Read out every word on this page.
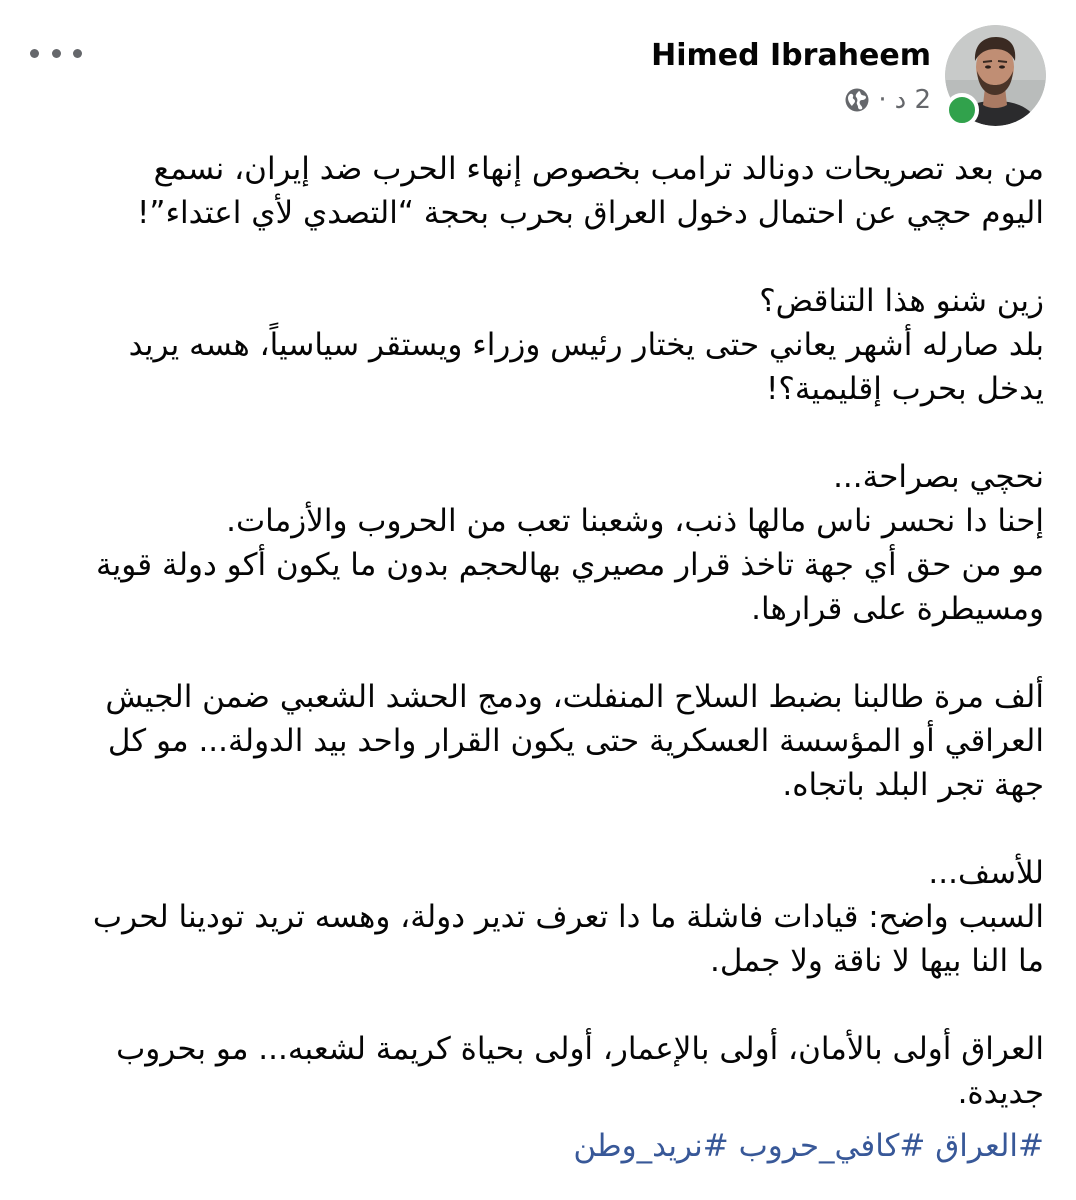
Himed Ibraheem
· 2 د

من بعد تصريحات دونالد ترامب بخصوص إنهاء الحرب ضد إيران، نسمع
اليوم حچي عن احتمال دخول العراق بحرب بحجة “التصدي لأي اعتداء”!

زين شنو هذا التناقض؟
بلد صارله أشهر يعاني حتى يختار رئيس وزراء ويستقر سياسياً، هسه يريد
يدخل بحرب إقليمية؟!

نحچي بصراحة...
إحنا دا نحسر ناس مالها ذنب، وشعبنا تعب من الحروب والأزمات.
مو من حق أي جهة تاخذ قرار مصيري بهالحجم بدون ما يكون أكو دولة قوية
ومسيطرة على قرارها.

ألف مرة طالبنا بضبط السلاح المنفلت، ودمج الحشد الشعبي ضمن الجيش
العراقي أو المؤسسة العسكرية حتى يكون القرار واحد بيد الدولة... مو كل
جهة تجر البلد باتجاه.

للأسف...
السبب واضح: قيادات فاشلة ما دا تعرف تدير دولة، وهسه تريد تودينا لحرب
ما النا بيها لا ناقة ولا جمل.

العراق أولى بالأمان، أولى بالإعمار، أولى بحياة كريمة لشعبه... مو بحروب
جديدة.

#العراق #كافي_حروب #نريد_وطن
